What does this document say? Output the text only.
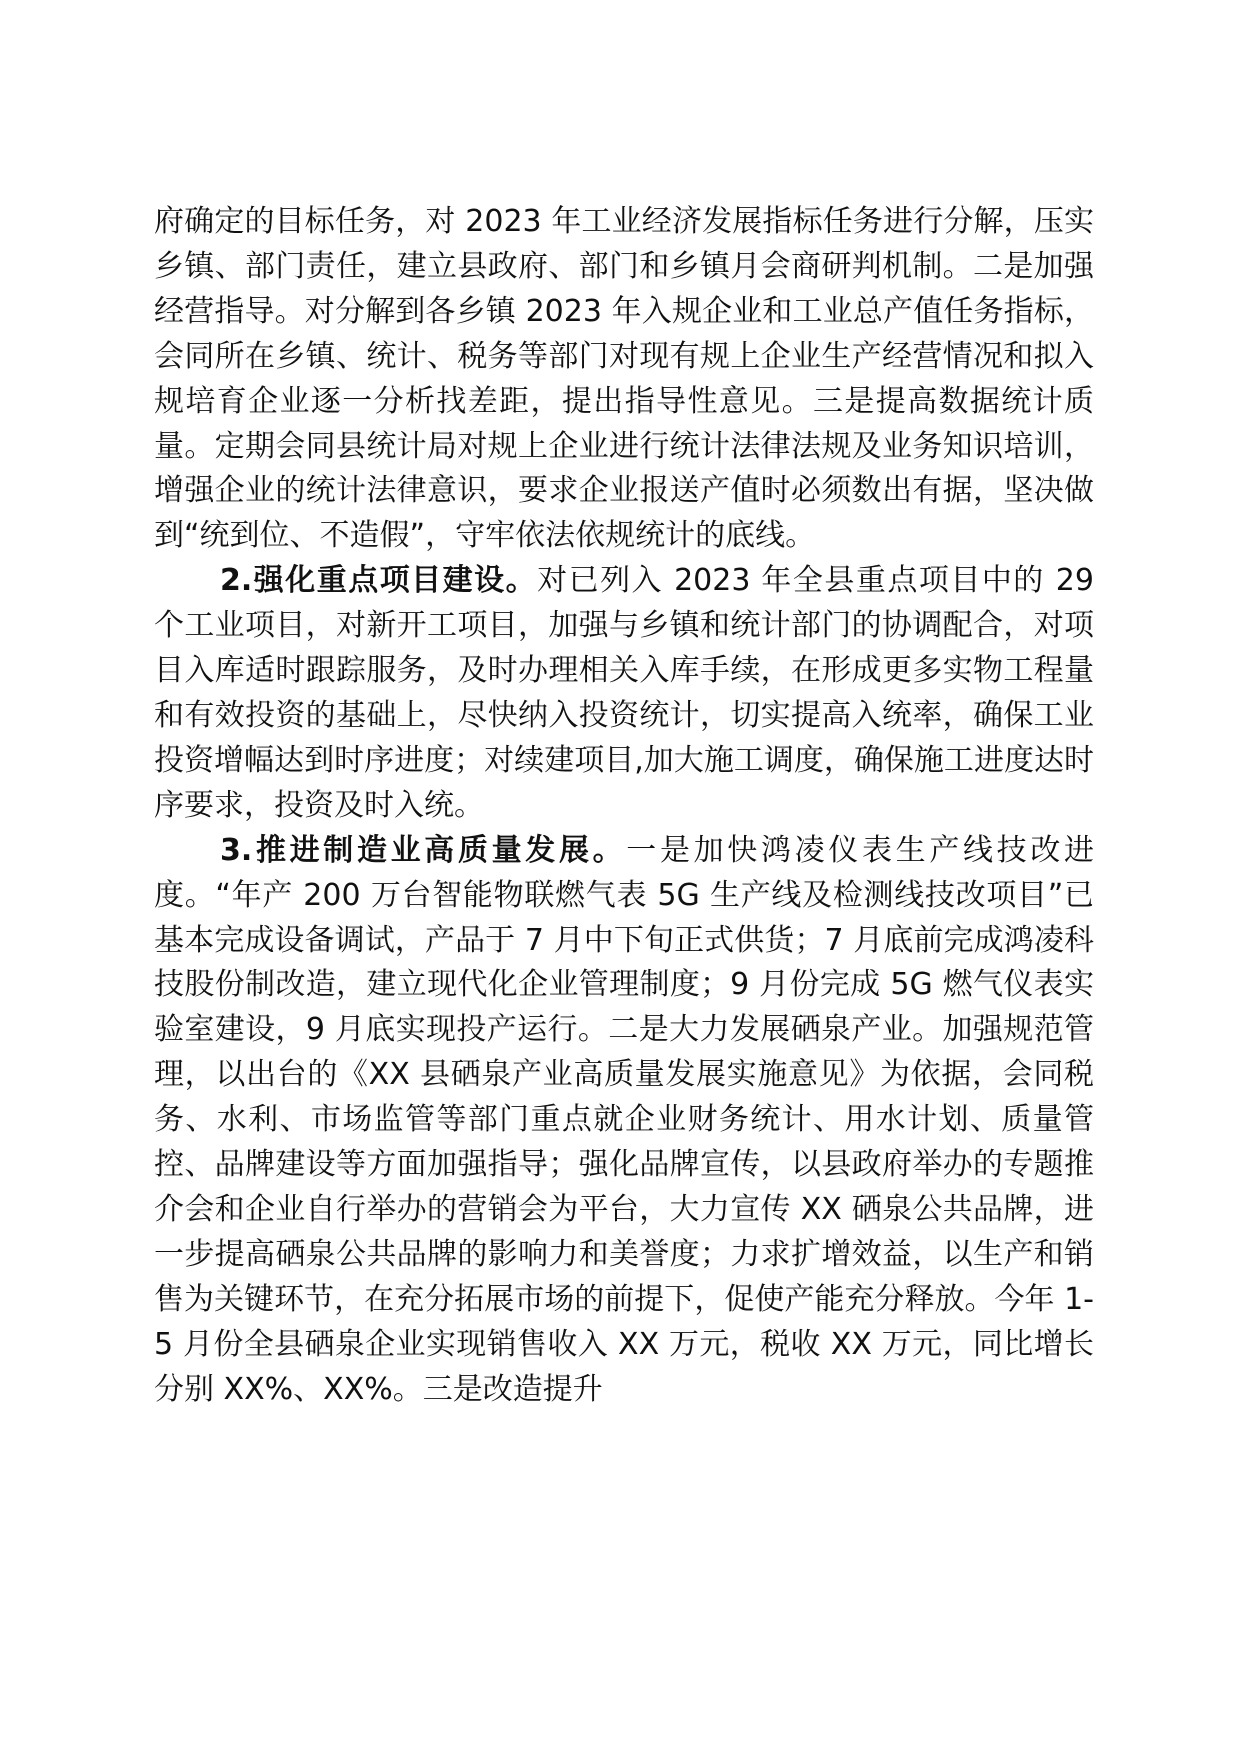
府确定的目标任务，对 2023 年工业经济发展指标任务进行分解，压实乡镇、部门责任，建立县政府、部门和乡镇月会商研判机制。二是加强经营指导。对分解到各乡镇 2023 年入规企业和工业总产值任务指标，会同所在乡镇、统计、税务等部门对现有规上企业生产经营情况和拟入规培育企业逐一分析找差距，提出指导性意见。三是提高数据统计质量。定期会同县统计局对规上企业进行统计法律法规及业务知识培训，增强企业的统计法律意识，要求企业报送产值时必须数出有据，坚决做到“统到位、不造假”，守牢依法依规统计的底线。

2.强化重点项目建设。对已列入 2023 年全县重点项目中的 29 个工业项目，对新开工项目，加强与乡镇和统计部门的协调配合，对项目入库适时跟踪服务，及时办理相关入库手续，在形成更多实物工程量和有效投资的基础上，尽快纳入投资统计，切实提高入统率，确保工业投资增幅达到时序进度；对续建项目,加大施工调度，确保施工进度达时序要求，投资及时入统。

3.推进制造业高质量发展。一是加快鸿凌仪表生产线技改进度。“年产 200 万台智能物联燃气表 5G 生产线及检测线技改项目”已基本完成设备调试，产品于 7 月中下旬正式供货；7 月底前完成鸿凌科技股份制改造，建立现代化企业管理制度；9 月份完成 5G 燃气仪表实验室建设，9 月底实现投产运行。二是大力发展硒泉产业。加强规范管理，以出台的《XX 县硒泉产业高质量发展实施意见》为依据，会同税务、水利、市场监管等部门重点就企业财务统计、用水计划、质量管控、品牌建设等方面加强指导；强化品牌宣传，以县政府举办的专题推介会和企业自行举办的营销会为平台，大力宣传 XX 硒泉公共品牌，进一步提高硒泉公共品牌的影响力和美誉度；力求扩增效益，以生产和销售为关键环节，在充分拓展市场的前提下，促使产能充分释放。今年 1-5 月份全县硒泉企业实现销售收入 XX 万元，税收 XX 万元，同比增长分别 XX%、XX%。三是改造提升
